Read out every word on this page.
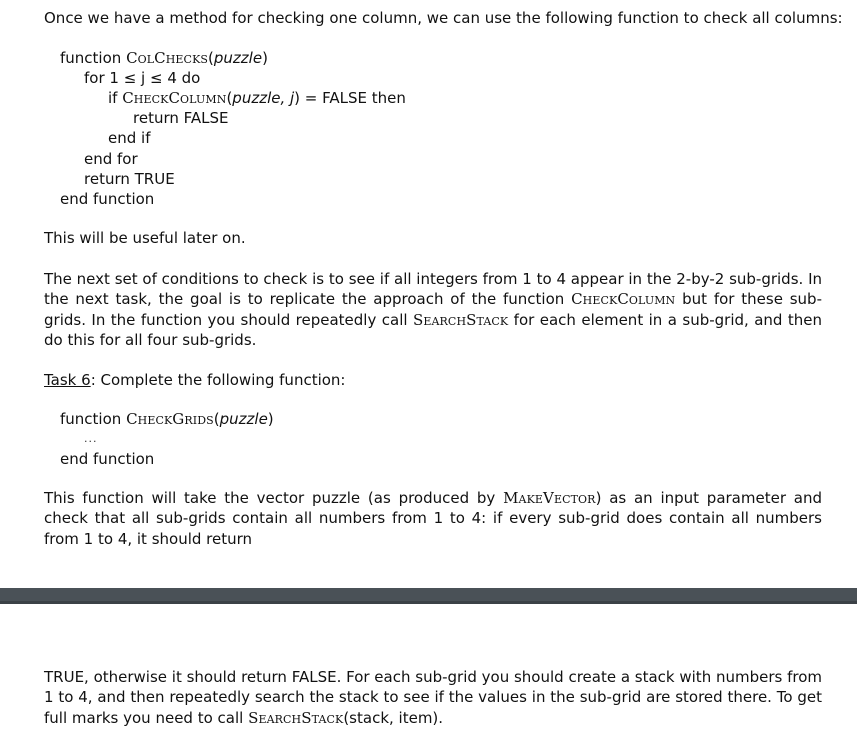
Once we have a method for checking one column, we can use the following function to check all columns:
function ColChecks(puzzle)
for 1 ≤ j ≤ 4 do
if CheckColumn(puzzle, j) = FALSE then
return FALSE
end if
end for
return TRUE
end function
This will be useful later on.
The next set of conditions to check is to see if all integers from 1 to 4 appear in the 2-by-2 sub-grids. In the next task, the goal is to replicate the approach of the function CheckColumn but for these sub-grids. In the function you should repeatedly call SearchStack for each element in a sub-grid, and then do this for all four sub-grids.
Task 6: Complete the following function:
function CheckGrids(puzzle)
...
end function
This function will take the vector puzzle (as produced by MakeVector) as an input parameter and check that all sub-grids contain all numbers from 1 to 4: if every sub-grid does contain all numbers from 1 to 4, it should return
TRUE, otherwise it should return FALSE. For each sub-grid you should create a stack with numbers from 1 to 4, and then repeatedly search the stack to see if the values in the sub-grid are stored there. To get full marks you need to call SearchStack(stack, item).
